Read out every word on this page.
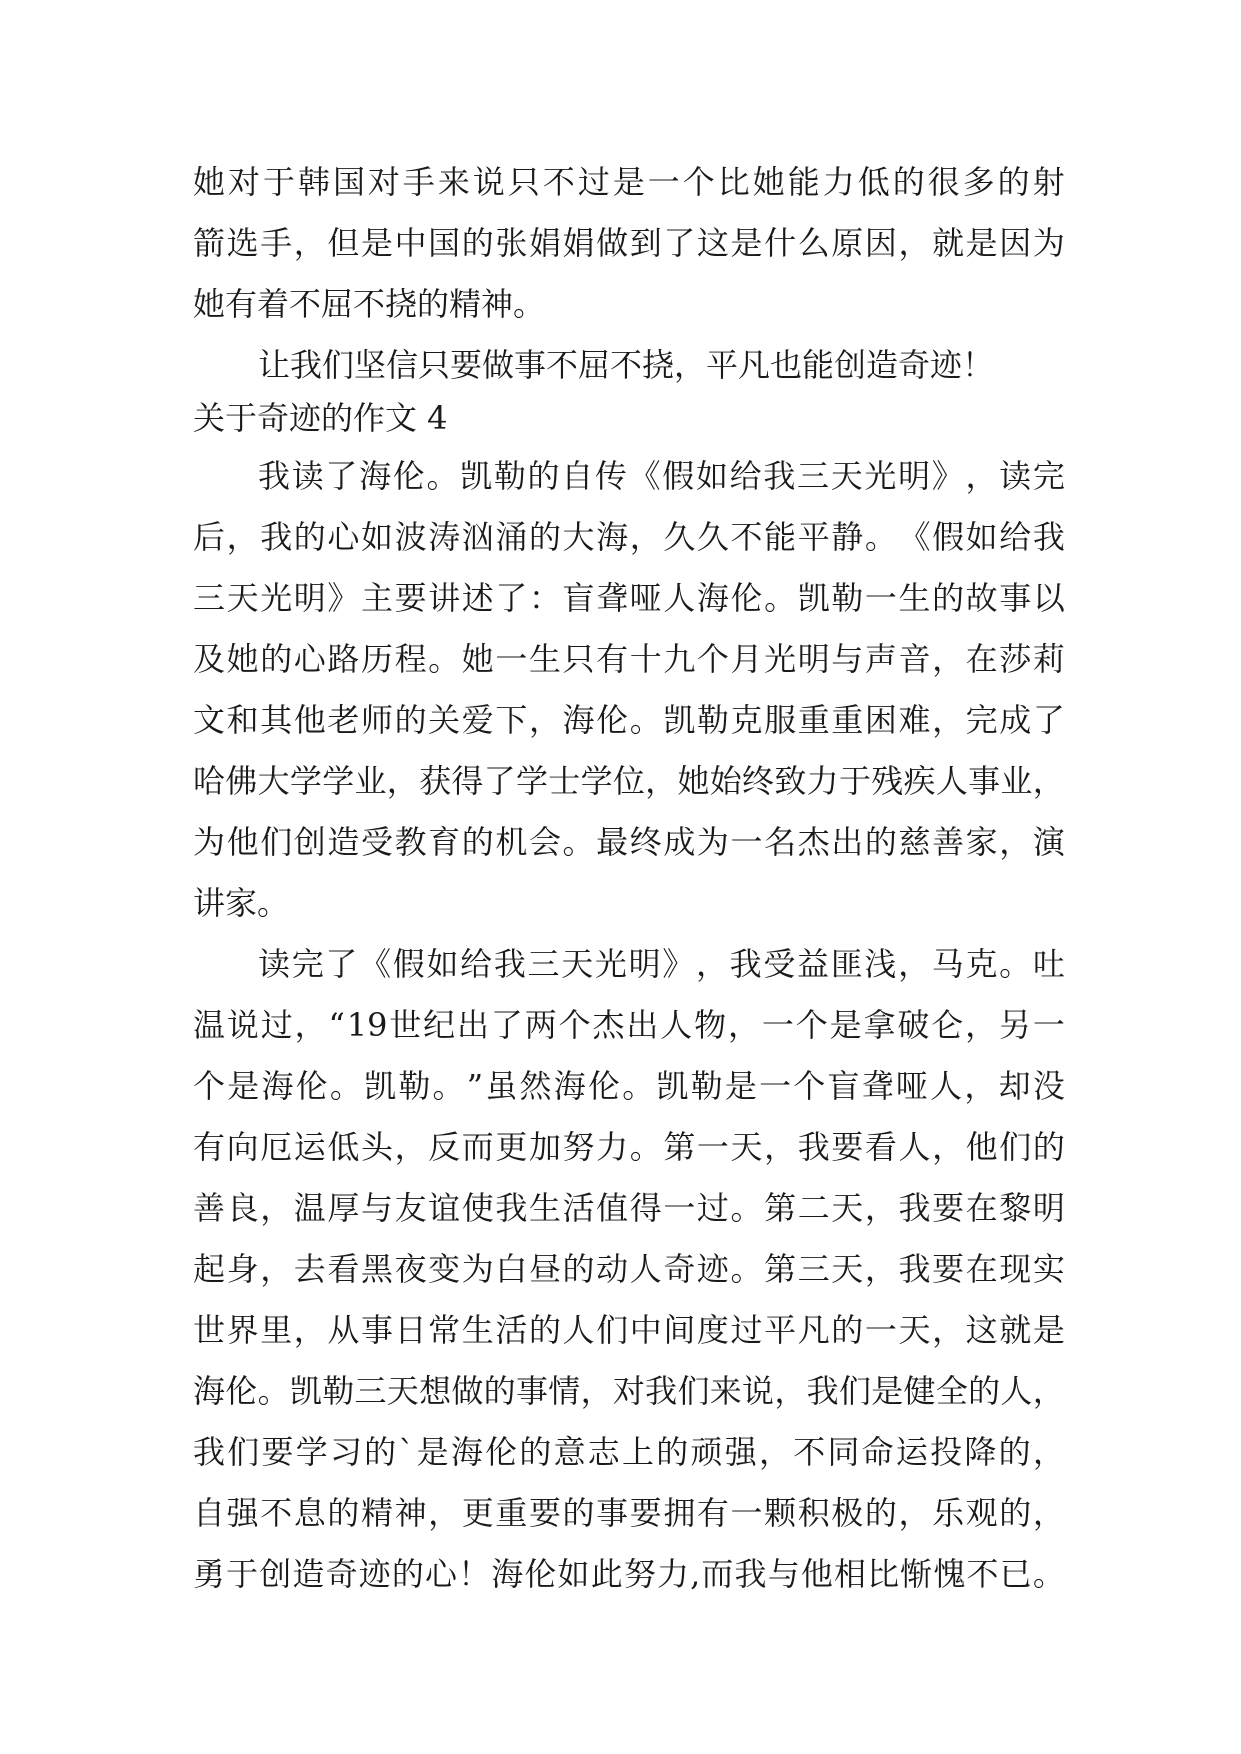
她 对 于 韩 国 对 手 来 说 只 不 过 是 一 个 比 她 能 力 低 的 很 多 的 射
箭 选 手 ， 但 是 中 国 的 张 娟 娟 做 到 了 这 是 什 么 原 因 ， 就 是 因 为
她有着不屈不挠的精神。
让我们坚信只要做事不屈不挠，平凡也能创造奇迹！
关于奇迹的作文 4
我 读 了 海 伦 。 凯 勒 的 自 传 《 假 如 给 我 三 天 光 明 》 ， 读 完
后 ， 我 的 心 如 波 涛 汹 涌 的 大 海 ， 久 久 不 能 平 静 。 《 假 如 给 我
三 天 光 明 》 主 要 讲 述 了 ： 盲 聋 哑 人 海 伦 。 凯 勒 一 生 的 故 事 以
及 她 的 心 路 历 程 。 她 一 生 只 有 十 九 个 月 光 明 与 声 音 ， 在 莎 莉
文 和 其 他 老 师 的 关 爱 下 ， 海 伦 。 凯 勒 克 服 重 重 困 难 ， 完 成 了
哈 佛 大 学 学 业 ， 获 得 了 学 士 学 位 ， 她 始 终 致 力 于 残 疾 人 事 业 ，
为 他 们 创 造 受 教 育 的 机 会 。 最 终 成 为 一 名 杰 出 的 慈 善 家 ， 演
讲家。
读 完 了 《 假 如 给 我 三 天 光 明 》 ， 我 受 益 匪 浅 ， 马 克 。 吐
温 说 过 ， “ 19 世 纪 出 了 两 个 杰 出 人 物 ， 一 个 是 拿 破 仑 ， 另 一
个 是 海 伦 。 凯 勒 。 ” 虽 然 海 伦 。 凯 勒 是 一 个 盲 聋 哑 人 ， 却 没
有 向 厄 运 低 头 ， 反 而 更 加 努 力 。 第 一 天 ， 我 要 看 人 ， 他 们 的
善 良 ， 温 厚 与 友 谊 使 我 生 活 值 得 一 过 。 第 二 天 ， 我 要 在 黎 明
起 身 ， 去 看 黑 夜 变 为 白 昼 的 动 人 奇 迹 。 第 三 天 ， 我 要 在 现 实
世 界 里 ， 从 事 日 常 生 活 的 人 们 中 间 度 过 平 凡 的 一 天 ， 这 就 是
海 伦 。 凯 勒 三 天 想 做 的 事 情 ， 对 我 们 来 说 ， 我 们 是 健 全 的 人 ，
我 们 要 学 习 的 ` 是 海 伦 的 意 志 上 的 顽 强 ， 不 同 命 运 投 降 的 ，
自 强 不 息 的 精 神 ， 更 重 要 的 事 要 拥 有 一 颗 积 极 的 ， 乐 观 的 ，
勇 于 创 造 奇 迹 的 心 ！ 海 伦 如 此 努 力 , 而 我 与 他 相 比 惭 愧 不 已 。
